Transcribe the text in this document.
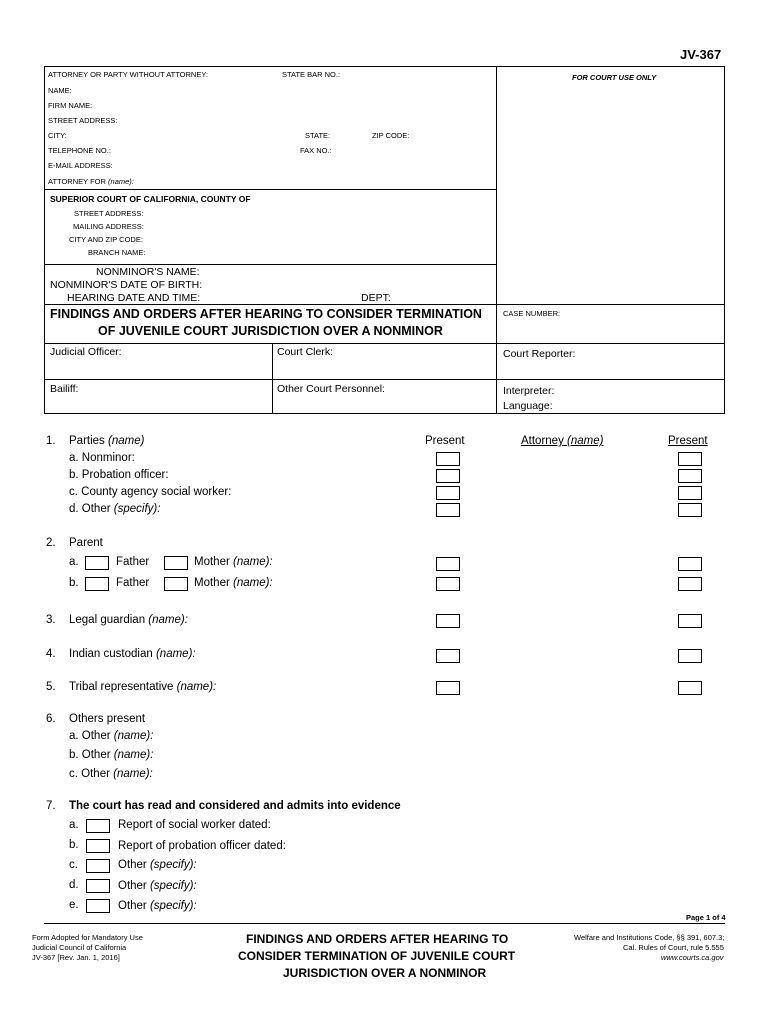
JV-367
ATTORNEY OR PARTY WITHOUT ATTORNEY:	STATE BAR NO.:	FOR COURT USE ONLY
NAME:
FIRM NAME:
STREET ADDRESS:
CITY:	STATE:	ZIP CODE:
TELEPHONE NO.:	FAX NO.:
E-MAIL ADDRESS:
ATTORNEY FOR (name):
SUPERIOR COURT OF CALIFORNIA, COUNTY OF
STREET ADDRESS:
MAILING ADDRESS:
CITY AND ZIP CODE:
BRANCH NAME:
NONMINOR'S NAME:
NONMINOR'S DATE OF BIRTH:
HEARING DATE AND TIME:	DEPT:
FINDINGS AND ORDERS AFTER HEARING TO CONSIDER TERMINATION
OF JUVENILE COURT JURISDICTION OVER A NONMINOR
CASE NUMBER:
Judicial Officer:	Court Clerk:	Court Reporter:
Bailiff:	Other Court Personnel:	Interpreter:
Language:
Present	Attorney (name)	Present
1. Parties (name)
a. Nonminor:
b. Probation officer:
c. County agency social worker:
d. Other (specify):
2. Parent
a.	Father	Mother (name):
b.	Father	Mother (name):
3. Legal guardian (name):
4. Indian custodian (name):
5. Tribal representative (name):
6. Others present
a. Other (name):
b. Other (name):
c. Other (name):
7. The court has read and considered and admits into evidence
a.	Report of social worker dated:
b.	Report of probation officer dated:
c.	Other (specify):
d.	Other (specify):
e.	Other (specify):
Page 1 of 4
Form Adopted for Mandatory Use
Judicial Council of California
JV-367 [Rev. Jan. 1, 2016]
FINDINGS AND ORDERS AFTER HEARING TO
CONSIDER TERMINATION OF JUVENILE COURT
JURISDICTION OVER A NONMINOR
Welfare and Institutions Code, §§ 391, 607.3;
Cal. Rules of Court, rule 5.555
www.courts.ca.gov
